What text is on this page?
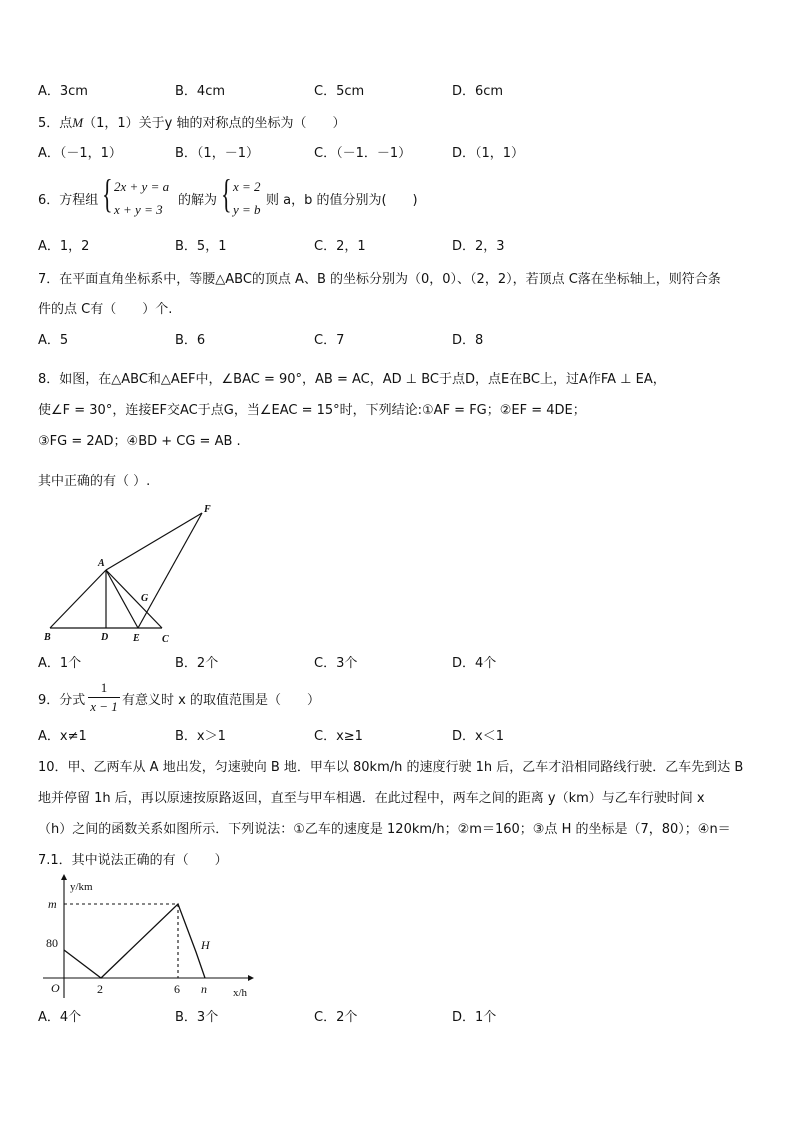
A．3cm	B．4cm	C．5cm	D．6cm
5．点M（1，1）关于y 轴的对称点的坐标为（　　）
A．（－1，1）	B．（1，－1）	C．（－1．－1）	D．（1，1）
6．方程组 { 2x + y = a
x + y = 3
的解为 { x = 2
y = b
则 a，b 的值分别为(　　)
A．1，2	B．5，1	C．2，1	D．2，3
7．在平面直角坐标系中，等腰△ABC的顶点 A、B 的坐标分别为（0，0）、（2，2），若顶点 C落在坐标轴上，则符合条
件的点 C有（　　）个.
A．5	B．6	C．7	D．8
8．如图，在△ABC和△AEF中，∠BAC = 90°，AB = AC，AD ⊥ BC于点D，点E在BC上，过A作FA ⊥ EA，
使∠F = 30°，连接EF交AC于点G，当∠EAC = 15°时，下列结论:①AF = FG；②EF = 4DE；
③FG = 2AD；④BD + CG = AB .
其中正确的有（ ）.
A
B	C
D E
F
G
A．1个	B．2个	C．3个	D．4个
9．分式
1
x − 1 有意义时 x 的取值范围是（　　）
A．x≠1	B．x＞1	C．x≥1	D．x＜1
10．甲、乙两车从 A 地出发，匀速驶向 B 地．甲车以 80km/h 的速度行驶 1h 后，乙车才沿相同路线行驶．乙车先到达 B
地并停留 1h 后，再以原速按原路返回，直至与甲车相遇．在此过程中，两车之间的距离 y（km）与乙车行驶时间 x
（h）之间的函数关系如图所示．下列说法：①乙车的速度是 120km/h；②m＝160；③点 H 的坐标是（7，80）；④n＝
7.1．其中说法正确的有（　　）
y/km
x/h
m
80
O	2	6 n
H
A．4个	B．3个	C．2个	D．1个
